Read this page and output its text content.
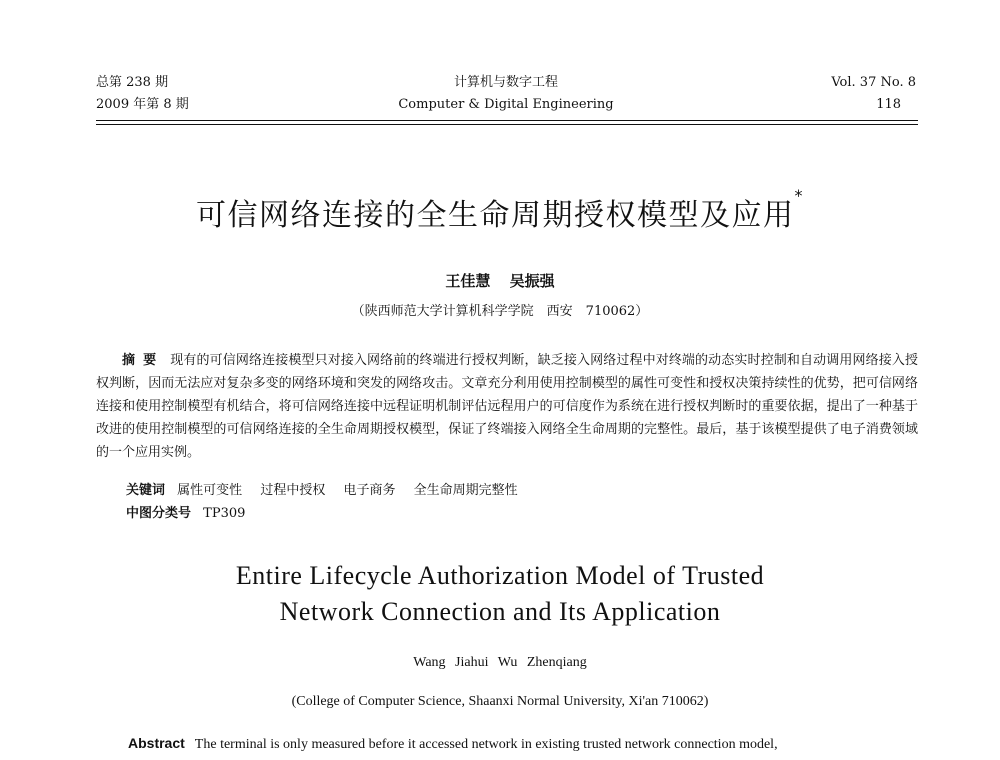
总第 238 期
2009 年第 8 期
计算机与数字工程
Computer & Digital Engineering
Vol. 37 No. 8
118
可信网络连接的全生命周期授权模型及应用*
王佳慧 吴振强
（陕西师范大学计算机科学学院　西安　710062）
摘要 现有的可信网络连接模型只对接入网络前的终端进行授权判断，缺乏接入网络过程中对终端的动态实时控制和自动调用网络接入授权判断，因而无法应对复杂多变的网络环境和突发的网络攻击。文章充分利用使用控制模型的属性可变性和授权决策持续性的优势，把可信网络连接和使用控制模型有机结合，将可信网络连接中远程证明机制评估远程用户的可信度作为系统在进行授权判断时的重要依据，提出了一种基于改进的使用控制模型的可信网络连接的全生命周期授权模型，保证了终端接入网络全生命周期的完整性。最后，基于该模型提供了电子消费领域的一个应用实例。
关键词 属性可变性 过程中授权 电子商务 全生命周期完整性
中图分类号 TP309
Entire Lifecycle Authorization Model of Trusted
Network Connection and Its Application
Wang Jiahui Wu Zhenqiang
(College of Computer Science, Shaanxi Normal University, Xi'an 710062)
Abstract The terminal is only measured before it accessed network in existing trusted network connection model,
